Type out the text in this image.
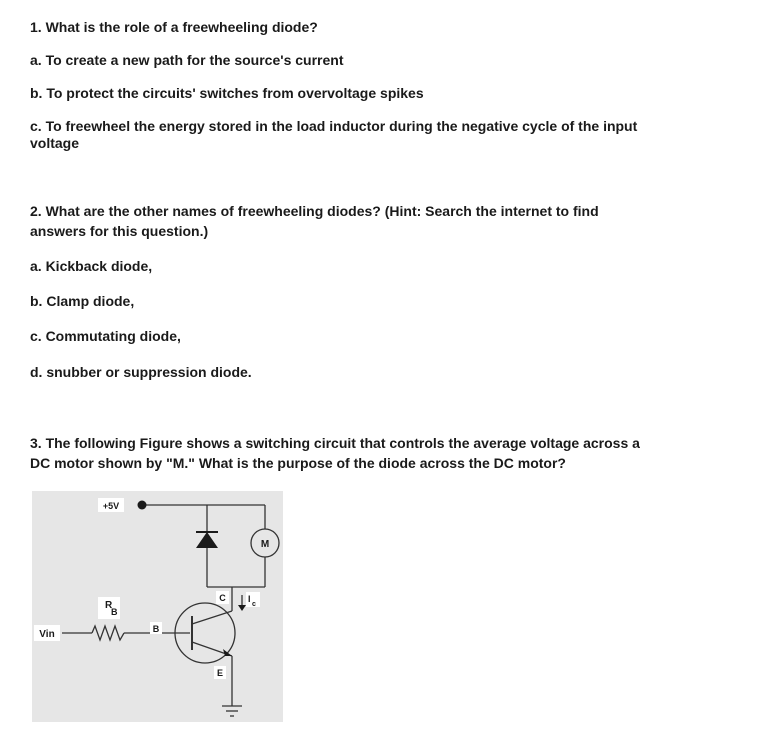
1. What is the role of a freewheeling diode?
a. To create a new path for the source's current
b. To protect the circuits' switches from overvoltage spikes
c. To freewheel the energy stored in the load inductor during the negative cycle of the input
voltage
2. What are the other names of freewheeling diodes? (Hint: Search the internet to find
answers for this question.)
a. Kickback diode,
b. Clamp diode,
c. Commutating diode,
d. snubber or suppression diode.
3. The following Figure shows a switching circuit that controls the average voltage across a
DC motor shown by "M." What is the purpose of the diode across the DC motor?
+5V
M
R
B
Vin	B
C
E
I
c
